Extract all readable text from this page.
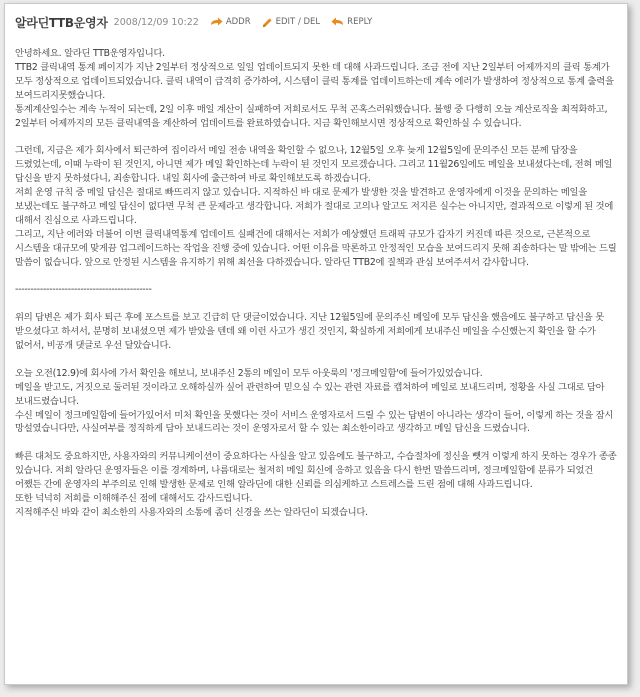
알라딘TTB운영자 2008/12/09 10:22	ADDR	EDIT / DEL	REPLY

안녕하세요. 알라딘 TTB운영자입니다.

TTB2 클릭내역 통계 페이지가 지난 2일부터 정상적으로 일일 업데이트되지 못한 데 대해 사과드립니다. 조금 전에 지난 2일부터 어제까지의 클릭 통계가 모두 정상적으로 업데이트되었습니다. 클릭 내역이 급격히 증가하여, 시스템이 클릭 통계를 업데이트하는데 계속 에러가 발생하여 정상적으로 통계 출력을 보여드리지못했습니다.

통계계산일수는 계속 누적이 되는데, 2일 이후 매일 계산이 실패하여 저희로서도 무척 곤혹스러워했습니다. 불행 중 다행히 오늘 계산로직을 최적화하고, 2일부터 어제까지의 모든 클릭내역을 계산하여 업데이트를 완료하였습니다. 지금 확인해보시면 정상적으로 확인하실 수 있습니다.

그런데, 지금은 제가 회사에서 퇴근하여 집이라서 메일 전송 내역을 확인할 수 없으나, 12월5일 오후 늦게 12월5일에 문의주신 모든 분께 답장을 드렸었는데, 이때 누락이 된 것인지, 아니면 제가 메일 확인하는데 누락이 된 것인지 모르겠습니다. 그리고 11월26일에도 메일을 보내셨다는데, 전혀 메일 답신을 받지 못하셨다니, 죄송합니다. 내일 회사에 출근하여 바로 확인해보도록 하겠습니다.

저희 운영 규칙 중 메일 답신은 절대로 빠뜨리지 않고 있습니다. 지적하신 바 대로 문제가 발생한 것을 발견하고 운영자에게 이것을 문의하는 메일을 보냈는데도 불구하고 메일 답신이 없다면 무척 큰 문제라고 생각합니다. 저희가 절대로 고의나 알고도 저지른 실수는 아니지만, 결과적으로 이렇게 된 것에 대해서 진심으로 사과드립니다.

그리고, 지난 에러와 더불어 이번 클릭내역통계 업데이트 실패건에 대해서는 저희가 예상했던 트래픽 규모가 갑자기 커진데 따른 것으로, 근본적으로 시스템을 대규모에 맞게끔 업그레이드하는 작업을 진행 중에 있습니다. 어떤 이유를 막론하고 안정적인 모습을 보여드리지 못해 죄송하다는 말 밖에는 드릴 말씀이 없습니다. 앞으로 안정된 시스템을 유지하기 위해 최선을 다하겠습니다. 알라딘 TTB2에 질책과 관심 보여주셔서 감사합니다.

--------------------------------------------

위의 답변은 제가 회사 퇴근 후에 포스트를 보고 긴급히 단 댓글이었습니다. 지난 12월5일에 문의주신 메일에 모두 답신을 했음에도 불구하고 답신을 못 받으셨다고 하셔서, 분명히 보내셨으면 제가 받았을 텐데 왜 이런 사고가 생긴 것인지, 확실하게 저희에게 보내주신 메일을 수신했는지 확인을 할 수가 없어서, 비공개 댓글로 우선 달았습니다.

오늘 오전(12.9)에 회사에 가서 확인을 해보니, 보내주신 2통의 메일이 모두 아웃룩의 '정크메일함'에 들어가있었습니다.

메일을 받고도, 거짓으로 둘러된 것이라고 오해하실까 싶어 관련하여 믿으실 수 있는 관련 자료를 캡쳐하여 메일로 보내드리며, 정황을 사실 그대로 담아 보내드렸습니다.

수신 메일이 정크메일함에 들어가있어서 미처 확인을 못했다는 것이 서비스 운영자로서 드릴 수 있는 답변이 아니라는 생각이 들어, 이렇게 하는 것을 잠시 망설였습니다만, 사실여부를 정직하게 담아 보내드리는 것이 운영자로서 할 수 있는 최소한이라고 생각하고 메일 답신을 드렸습니다.

빠른 대처도 중요하지만, 사용자와의 커뮤니케이션이 중요하다는 사실을 알고 있음에도 불구하고, 수습절차에 정신을 뺏겨 이렇게 하지 못하는 경우가 종종 있습니다. 저희 알라딘 운영자들은 이를 경계하며, 나름대로는 철저히 메일 회신에 응하고 있음을 다시 한번 말씀드리며, 정크메일함에 분류가 되었건 어쨌든 간에 운영자의 부주의로 인해 발생한 문제로 인해 알라딘에 대한 신뢰를 의심케하고 스트레스를 드린 점에 대해 사과드립니다.

또한 넉넉히 저희를 이해해주신 점에 대해서도 감사드립니다.

지적해주신 바와 같이 최소한의 사용자와의 소통에 좀더 신경을 쓰는 알라딘이 되겠습니다.
